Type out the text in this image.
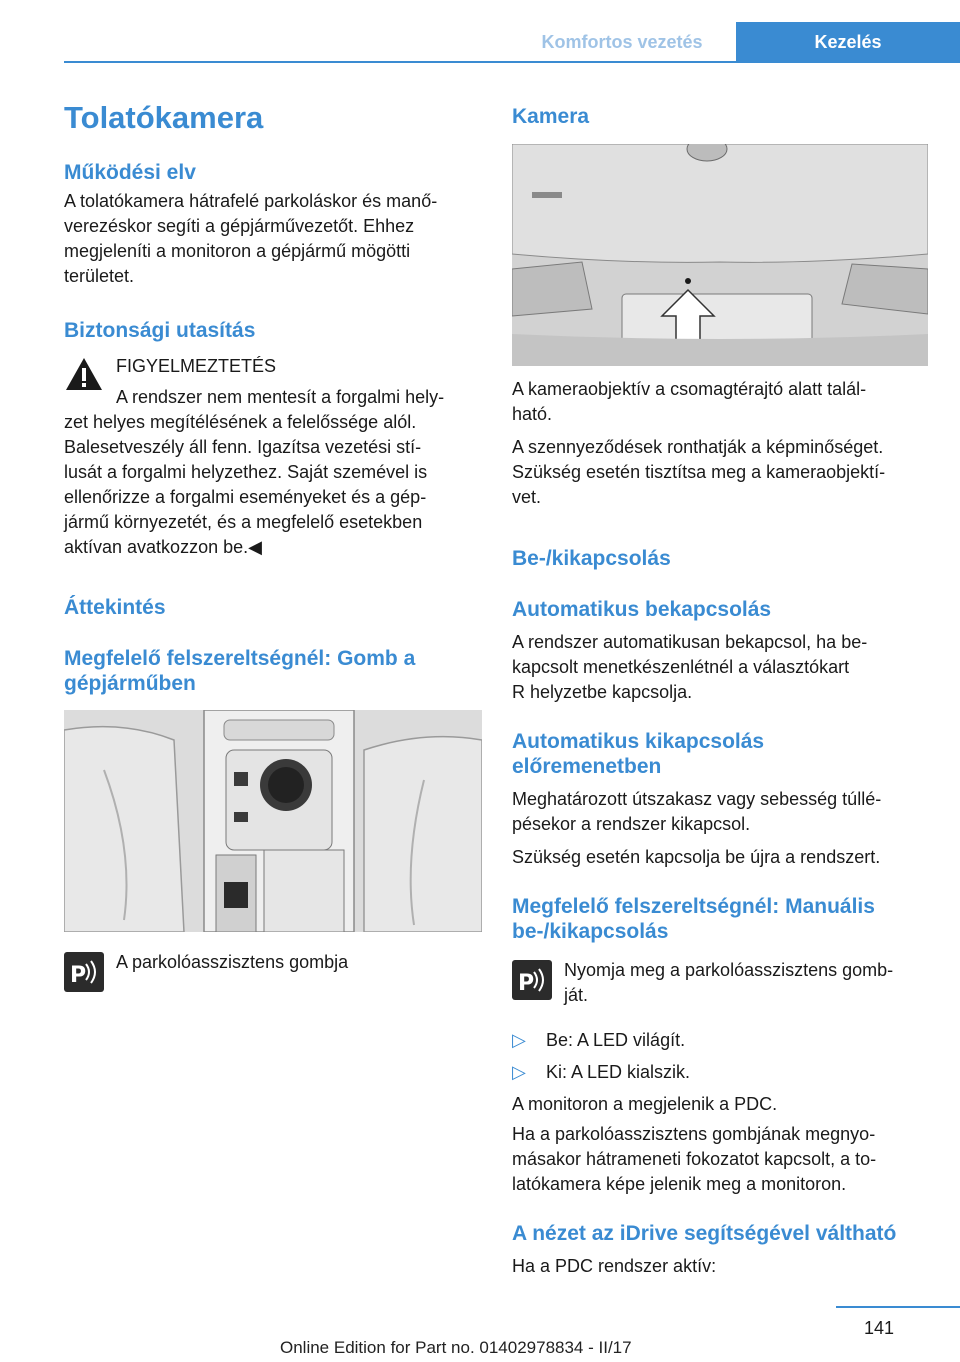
Komfortos vezetés	Kezelés
Tolatókamera
Működési elv

A tolatókamera hátrafelé parkoláskor és manő-
verezéskor segíti a gépjárművezetőt. Ehhez
megjeleníti a monitoron a gépjármű mögötti
területet.

Biztonsági utasítás

FIGYELMEZTETÉS

A rendszer nem mentesít a forgalmi hely-

zet helyes megítélésének a felelőssége alól.
Balesetveszély áll fenn. Igazítsa vezetési stí-
lusát a forgalmi helyzethez. Saját szemével is
ellenőrizze a forgalmi eseményeket és a gép-
jármű környezetét, és a megfelelő esetekben
aktívan avatkozzon be.◀

Áttekintés
Megfelelő felszereltségnél: Gomb a
gépjárműben
P

A parkolóasszisztens gombja

Kamera

A kameraobjektív a csomagtérajtó alatt talál-
ható.

A szennyeződések ronthatják a képminőséget.
Szükség esetén tisztítsa meg a kameraobjektí-
vet.

Be-/kikapcsolás
Automatikus bekapcsolás

A rendszer automatikusan bekapcsol, ha be-
kapcsolt menetkészenlétnél a választókart
R helyzetbe kapcsolja.

Automatikus kikapcsolás
előremenetben

Meghatározott útszakasz vagy sebesség túllé-
pésekor a rendszer kikapcsol.

Szükség esetén kapcsolja be újra a rendszert.

Megfelelő felszereltségnél: Manuális
be-/kikapcsolás
P

Nyomja meg a parkolóasszisztens gomb-
ját.

▷ Be: A LED világít.
▷ Ki: A LED kialszik.

A monitoron a megjelenik a PDC.

Ha a parkolóasszisztens gombjának megnyo-
másakor hátrameneti fokozatot kapcsolt, a to-
latókamera képe jelenik meg a monitoron.

A nézet az iDrive segítségével váltható

Ha a PDC rendszer aktív:

141
Online Edition for Part no. 01402978834 - II/17
